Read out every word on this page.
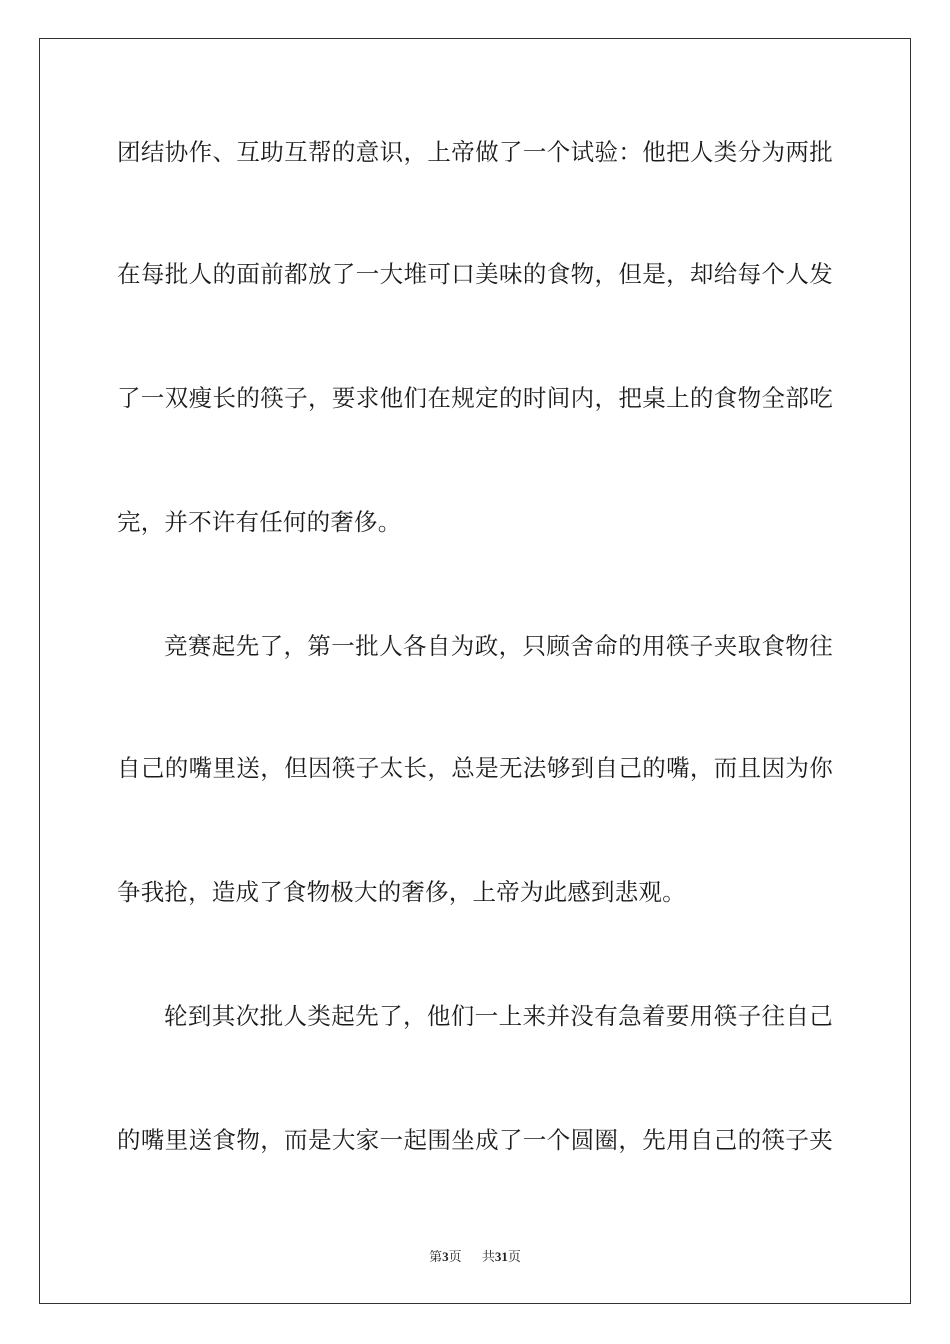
团结协作、互助互帮的意识，上帝做了一个试验：他把人类分为两批
在每批人的面前都放了一大堆可口美味的食物，但是，却给每个人发
了一双瘦长的筷子，要求他们在规定的时间内，把桌上的食物全部吃
完，并不许有任何的奢侈。
竞赛起先了，第一批人各自为政，只顾舍命的用筷子夹取食物往
自己的嘴里送，但因筷子太长，总是无法够到自己的嘴，而且因为你
争我抢，造成了食物极大的奢侈，上帝为此感到悲观。
轮到其次批人类起先了，他们一上来并没有急着要用筷子往自己
的嘴里送食物，而是大家一起围坐成了一个圆圈，先用自己的筷子夹
第3页 共31页
